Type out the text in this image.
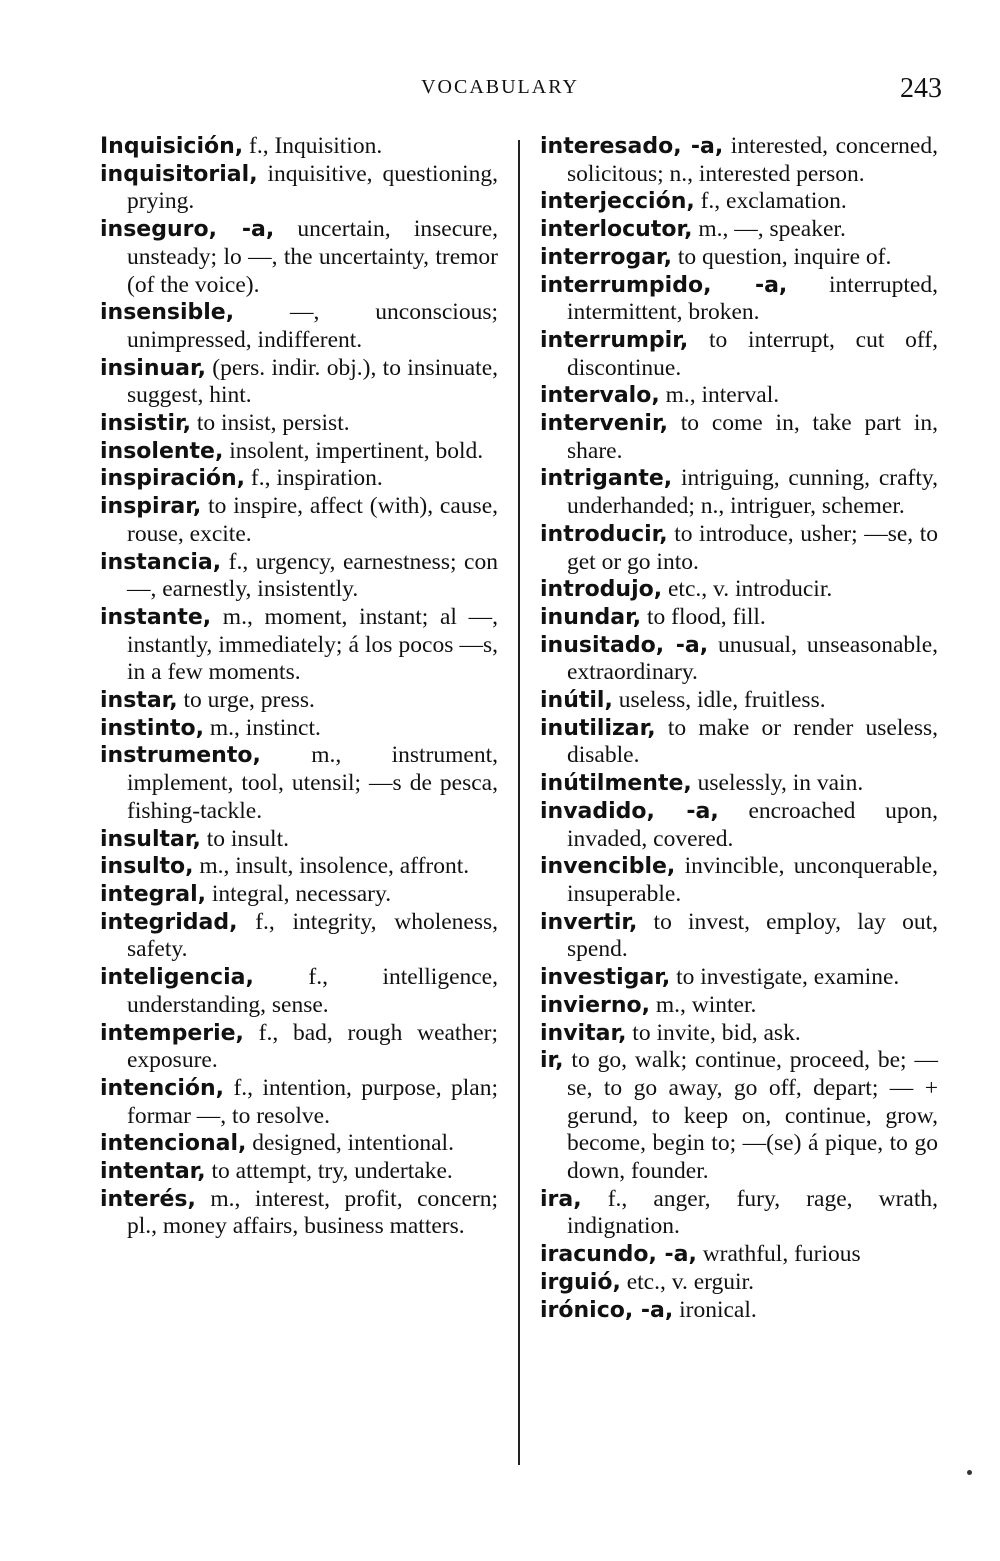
VOCABULARY	243
Inquisición, f., Inquisition.
inquisitorial, inquisitive, questioning, prying.
inseguro, -a, uncertain, insecure, unsteady; lo —, the uncertainty, tremor (of the voice).
insensible, —, unconscious; unimpressed, indifferent.
insinuar, (pers. indir. obj.), to insinuate, suggest, hint.
insistir, to insist, persist.
insolente, insolent, impertinent, bold.
inspiración, f., inspiration.
inspirar, to inspire, affect (with), cause, rouse, excite.
instancia, f., urgency, earnestness; con —, earnestly, insistently.
instante, m., moment, instant; al —, instantly, immediately; á los pocos —s, in a few moments.
instar, to urge, press.
instinto, m., instinct.
instrumento, m., instrument, implement, tool, utensil; —s de pesca, fishing-tackle.
insultar, to insult.
insulto, m., insult, insolence, affront.
integral, integral, necessary.
integridad, f., integrity, wholeness, safety.
inteligencia, f., intelligence, understanding, sense.
intemperie, f., bad, rough weather; exposure.
intención, f., intention, purpose, plan; formar —, to resolve.
intencional, designed, intentional.
intentar, to attempt, try, undertake.
interés, m., interest, profit, concern; pl., money affairs, business matters.
interesado, -a, interested, concerned, solicitous; n., interested person.
interjección, f., exclamation.
interlocutor, m., —, speaker.
interrogar, to question, inquire of.
interrumpido, -a, interrupted, intermittent, broken.
interrumpir, to interrupt, cut off, discontinue.
intervalo, m., interval.
intervenir, to come in, take part in, share.
intrigante, intriguing, cunning, crafty, underhanded; n., intriguer, schemer.
introducir, to introduce, usher; —se, to get or go into.
introdujo, etc., v. introducir.
inundar, to flood, fill.
inusitado, -a, unusual, unseasonable, extraordinary.
inútil, useless, idle, fruitless.
inutilizar, to make or render useless, disable.
inútilmente, uselessly, in vain.
invadido, -a, encroached upon, invaded, covered.
invencible, invincible, unconquerable, insuperable.
invertir, to invest, employ, lay out, spend.
investigar, to investigate, examine.
invierno, m., winter.
invitar, to invite, bid, ask.
ir, to go, walk; continue, proceed, be; —se, to go away, go off, depart; — + gerund, to keep on, continue, grow, become, begin to; —(se) á pique, to go down, founder.
ira, f., anger, fury, rage, wrath, indignation.
iracundo, -a, wrathful, furious
irguió, etc., v. erguir.
irónico, -a, ironical.
